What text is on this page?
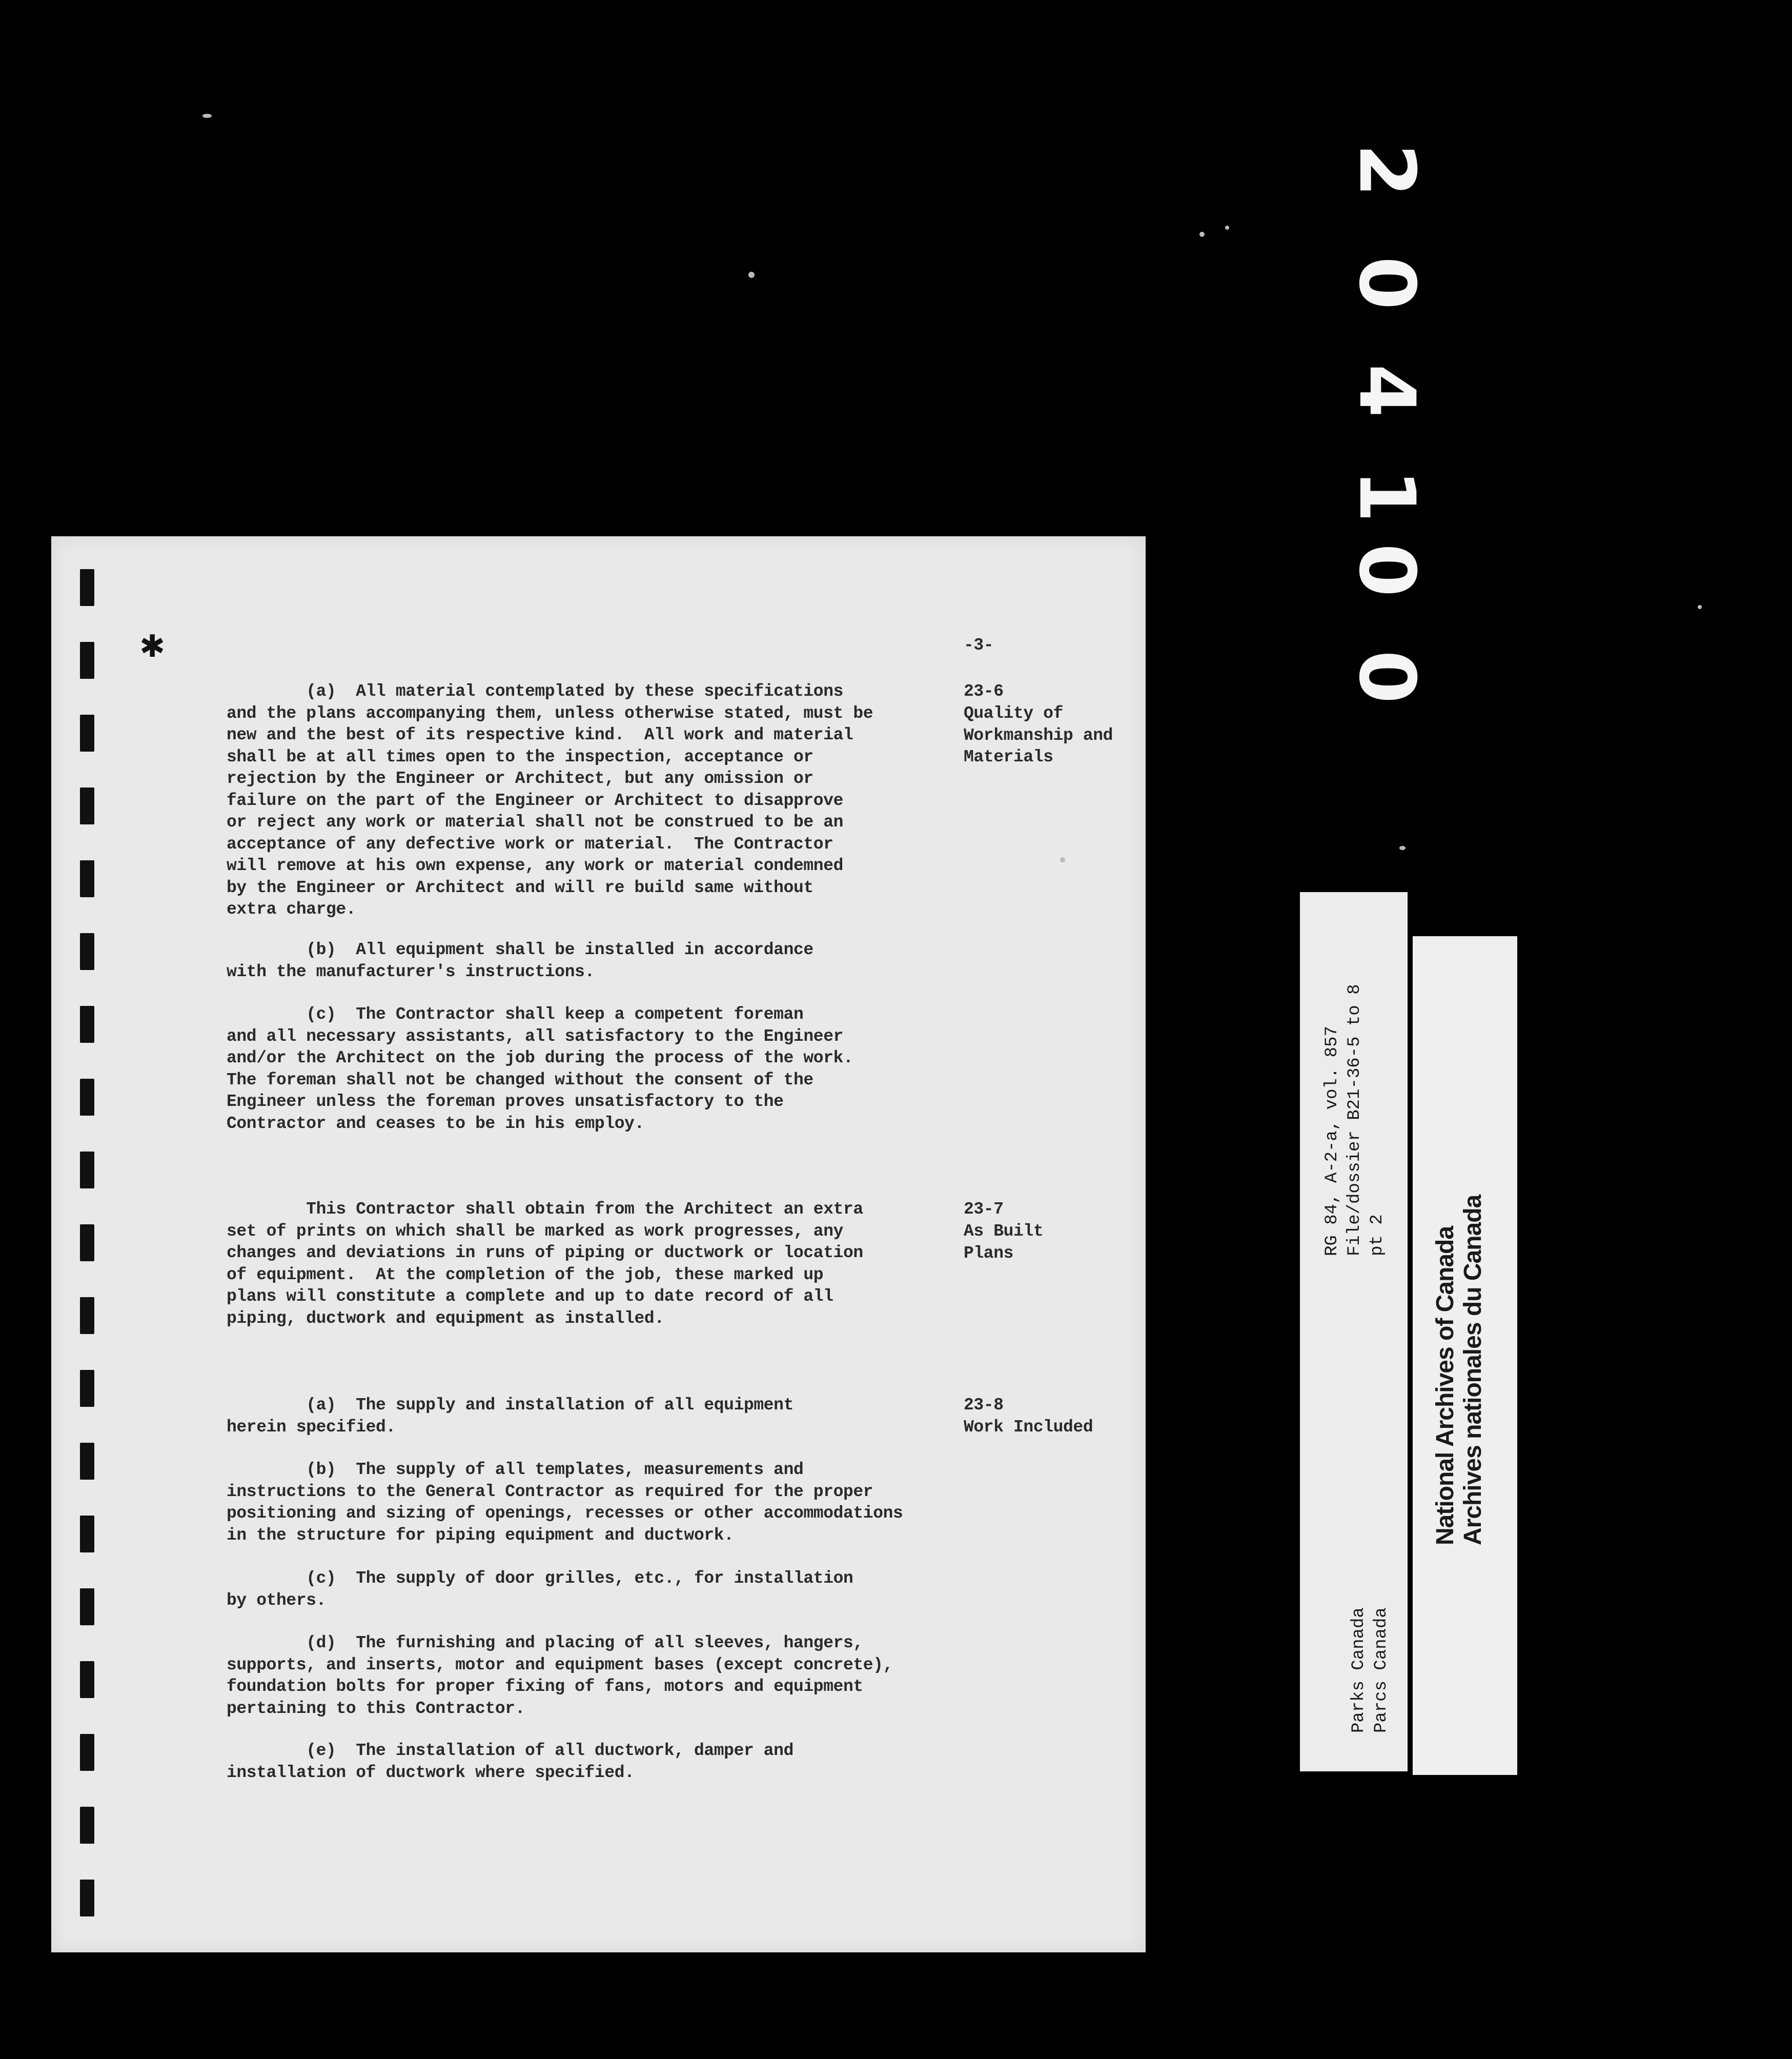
✱	-3-
23-6
Quality of
Workmanship and
Materials
(a)  All material contemplated by these specifications
and the plans accompanying them, unless otherwise stated, must be
new and the best of its respective kind.  All work and material
shall be at all times open to the inspection, acceptance or
rejection by the Engineer or Architect, but any omission or
failure on the part of the Engineer or Architect to disapprove
or reject any work or material shall not be construed to be an
acceptance of any defective work or material.  The Contractor
will remove at his own expense, any work or material condemned
by the Engineer or Architect and will re build same without
extra charge.
(b)  All equipment shall be installed in accordance
with the manufacturer's instructions.
(c)  The Contractor shall keep a competent foreman
and all necessary assistants, all satisfactory to the Engineer
and/or the Architect on the job during the process of the work.
The foreman shall not be changed without the consent of the
Engineer unless the foreman proves unsatisfactory to the
Contractor and ceases to be in his employ.
23-7
As Built
Plans
This Contractor shall obtain from the Architect an extra
set of prints on which shall be marked as work progresses, any
changes and deviations in runs of piping or ductwork or location
of equipment.  At the completion of the job, these marked up
plans will constitute a complete and up to date record of all
piping, ductwork and equipment as installed.
23-8
Work Included
(a)  The supply and installation of all equipment
herein specified.
(b)  The supply of all templates, measurements and
instructions to the General Contractor as required for the proper
positioning and sizing of openings, recesses or other accommodations
in the structure for piping equipment and ductwork.
(c)  The supply of door grilles, etc., for installation
by others.
(d)  The furnishing and placing of all sleeves, hangers,
supports, and inserts, motor and equipment bases (except concrete),
foundation bolts for proper fixing of fans, motors and equipment
pertaining to this Contractor.
(e)  The installation of all ductwork, damper and
installation of ductwork where specified.
RG 84, A-2-a, vol. 857 File/dossier B21-36-5 to 8 pt 2
Parks Canada Parcs Canada
National Archives of Canada Archives nationales du Canada
2
0
4
1
0
0
